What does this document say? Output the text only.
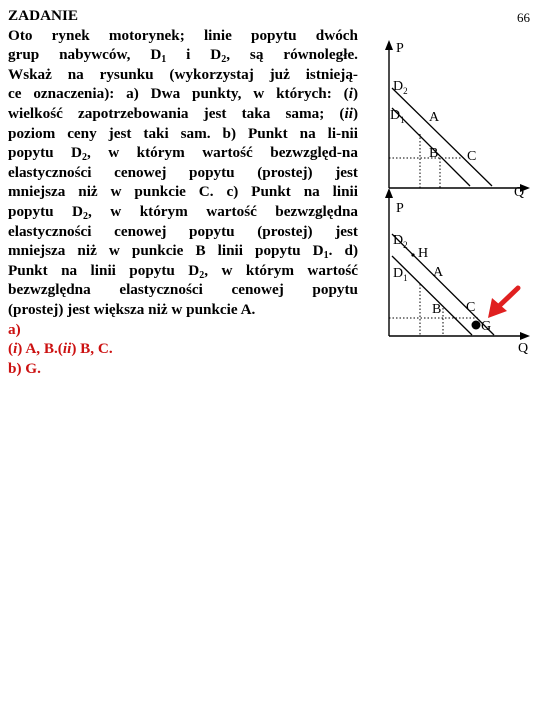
66
ZADANIE
Oto rynek motorynek; linie popytu dwóch
grup nabywców, $D_1$ i $D_2$, są równoległe.
Wskaż na rysunku (wykorzystaj już istnieją-
ce oznaczenia): a) Dwa punkty, w których: (i)
wielkość zapotrzebowania jest taka sama; (ii)
poziom ceny jest taki sam. b) Punkt na li-nii
popytu $D_2$, w którym wartość bezwzględ-na
elastyczności cenowej popytu (prostej) jest
mniejsza niż w punkcie C. c) Punkt na linii
popytu $D_2$, w którym wartość bezwzględna
elastyczności cenowej popytu (prostej) jest
mniejsza niż w punkcie B linii popytu $D_1$. d)
Punkt na linii popytu $D_2$, w którym wartość
bezwzględna elastyczności cenowej popytu
(prostej) jest większa niż w punkcie A.
a)
(i) A, B.(ii) B, C.
b) G.
P
Q
$D_2$
$D_1$ A
B C
P
Q
$D_2$
H
$D_1$ A
B C
G
